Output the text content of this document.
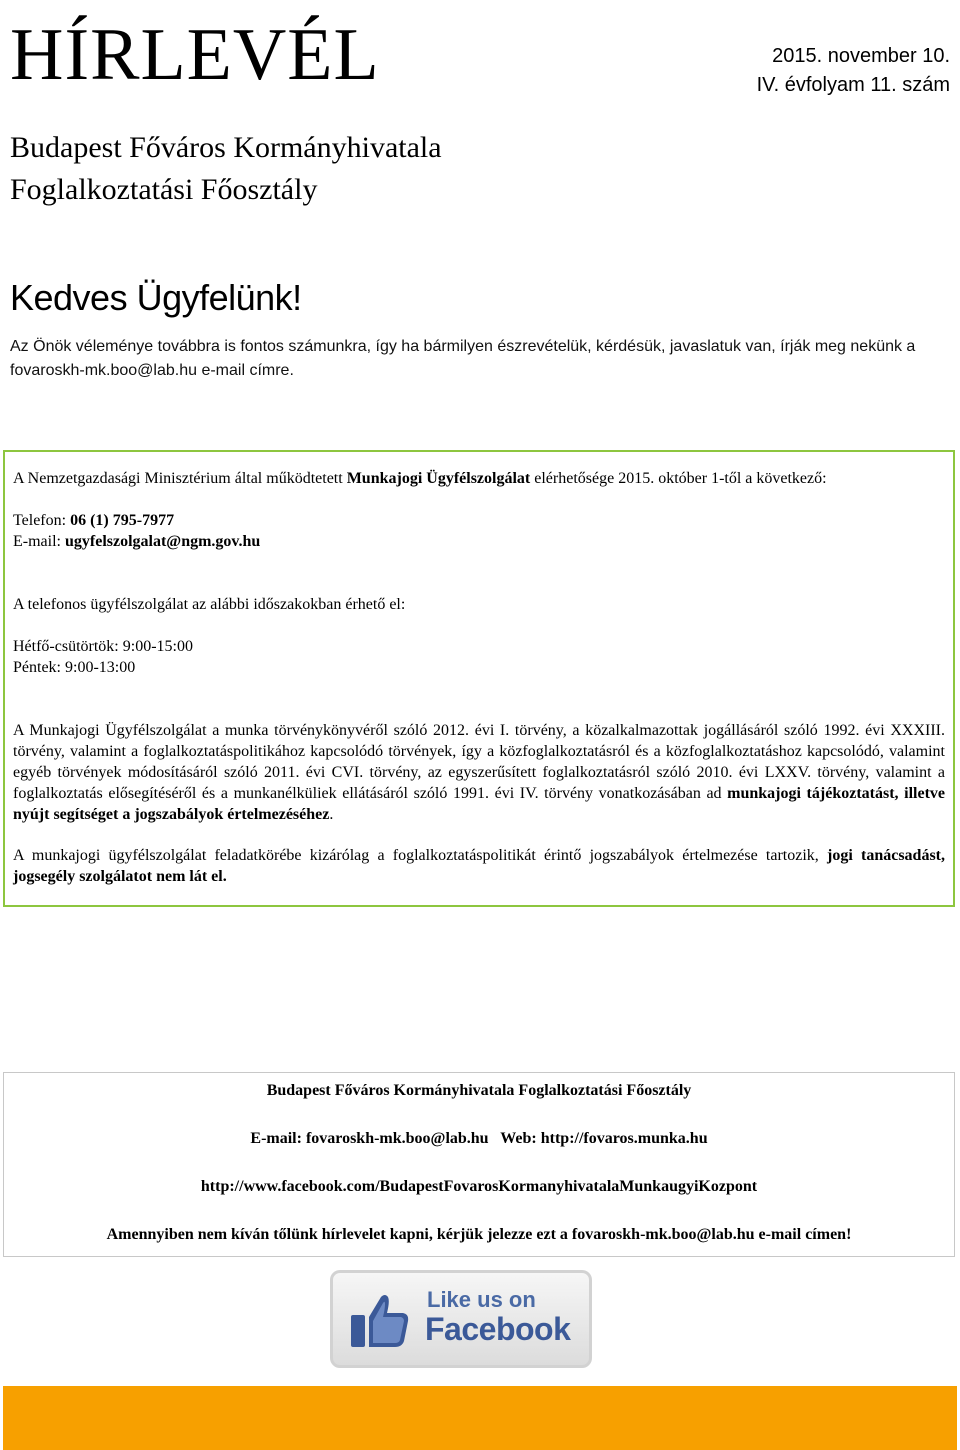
HÍRLEVÉL	2015. november 10.
IV. évfolyam 11. szám
Budapest Főváros Kormányhivatala
Foglalkoztatási Főosztály
Kedves Ügyfelünk!
Az Önök véleménye továbbra is fontos számunkra, így ha bármilyen észrevételük, kérdésük, javaslatuk van, írják meg nekünk a fovaroskh-mk.boo@lab.hu e-mail címre.
A Nemzetgazdasági Minisztérium által működtetett Munkajogi Ügyfélszolgálat elérhetősége 2015. október 1-től a következő:
Telefon: 06 (1) 795-7977
E-mail: ugyfelszolgalat@ngm.gov.hu
A telefonos ügyfélszolgálat az alábbi időszakokban érhető el:
Hétfő-csütörtök: 9:00-15:00
Péntek: 9:00-13:00
A Munkajogi Ügyfélszolgálat a munka törvénykönyvéről szóló 2012. évi I. törvény, a közalkalmazottak jogállásáról szóló 1992. évi XXXIII. törvény, valamint a foglalkoztatáspolitikához kapcsolódó törvények, így a közfoglalkoztatásról és a közfoglalkoztatáshoz kapcsolódó, valamint egyéb törvények módosításáról szóló 2011. évi CVI. törvény, az egyszerűsített foglalkoztatásról szóló 2010. évi LXXV. törvény, valamint a foglalkoztatás elősegítéséről és a munkanélküliek ellátásáról szóló 1991. évi IV. törvény vonatkozásában ad munkajogi tájékoztatást, illetve nyújt segítséget a jogszabályok értelmezéséhez.
A munkajogi ügyfélszolgálat feladatkörébe kizárólag a foglalkoztatáspolitikát érintő jogszabályok értelmezése tartozik, jogi tanácsadást, jogsegély szolgálatot nem lát el.
Budapest Főváros Kormányhivatala Foglalkoztatási Főosztály
E-mail: fovaroskh-mk.boo@lab.hu   Web: http://fovaros.munka.hu
http://www.facebook.com/BudapestFovarosKormanyhivatalaMunkaugyiKozpont
Amennyiben nem kíván tőlünk hírlevelet kapni, kérjük jelezze ezt a fovaroskh-mk.boo@lab.hu e-mail címen!
Like us on
Facebook
